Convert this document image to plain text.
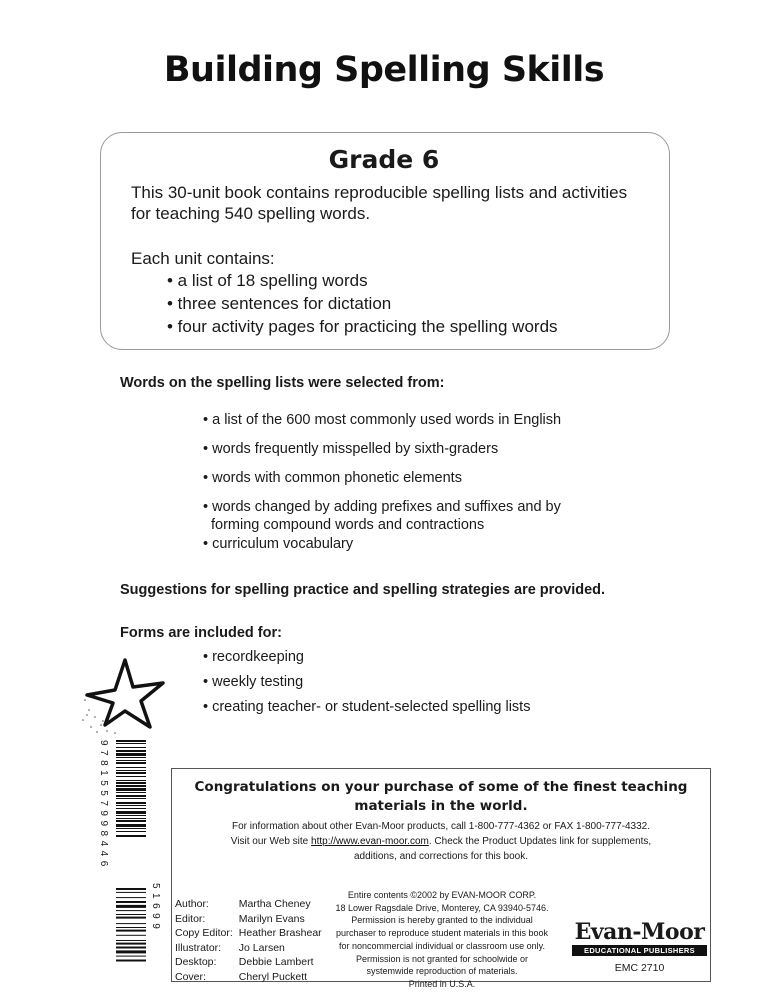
Building Spelling Skills
Grade 6
This 30-unit book contains reproducible spelling lists and activities for teaching 540 spelling words.
Each unit contains:
• a list of 18 spelling words
• three sentences for dictation
• four activity pages for practicing the spelling words
Words on the spelling lists were selected from:
• a list of the 600 most commonly used words in English
• words frequently misspelled by sixth-graders
• words with common phonetic elements
• words changed by adding prefixes and suffixes and by forming compound words and contractions
• curriculum vocabulary
Suggestions for spelling practice and spelling strategies are provided.
Forms are included for:
• recordkeeping
• weekly testing
• creating teacher- or student-selected spelling lists
9781557998446
51699
Congratulations on your purchase of some of the finest teaching materials in the world.
For information about other Evan-Moor products, call 1-800-777-4362 or FAX 1-800-777-4332.
Visit our Web site http://www.evan-moor.com. Check the Product Updates link for supplements, additions, and corrections for this book.
Author:	Martha Cheney
Editor:	Marilyn Evans
Copy Editor:	Heather Brashear
Illustrator:	Jo Larsen
Desktop:	Debbie Lambert
Cover:	Cheryl Puckett
Entire contents ©2002 by EVAN-MOOR CORP.
18 Lower Ragsdale Drive, Monterey, CA 93940-5746.
Permission is hereby granted to the individual purchaser to reproduce student materials in this book for noncommercial individual or classroom use only.
Permission is not granted for schoolwide or systemwide reproduction of materials.
Printed in U.S.A.
Evan-Moor
EDUCATIONAL PUBLISHERS
EMC 2710
